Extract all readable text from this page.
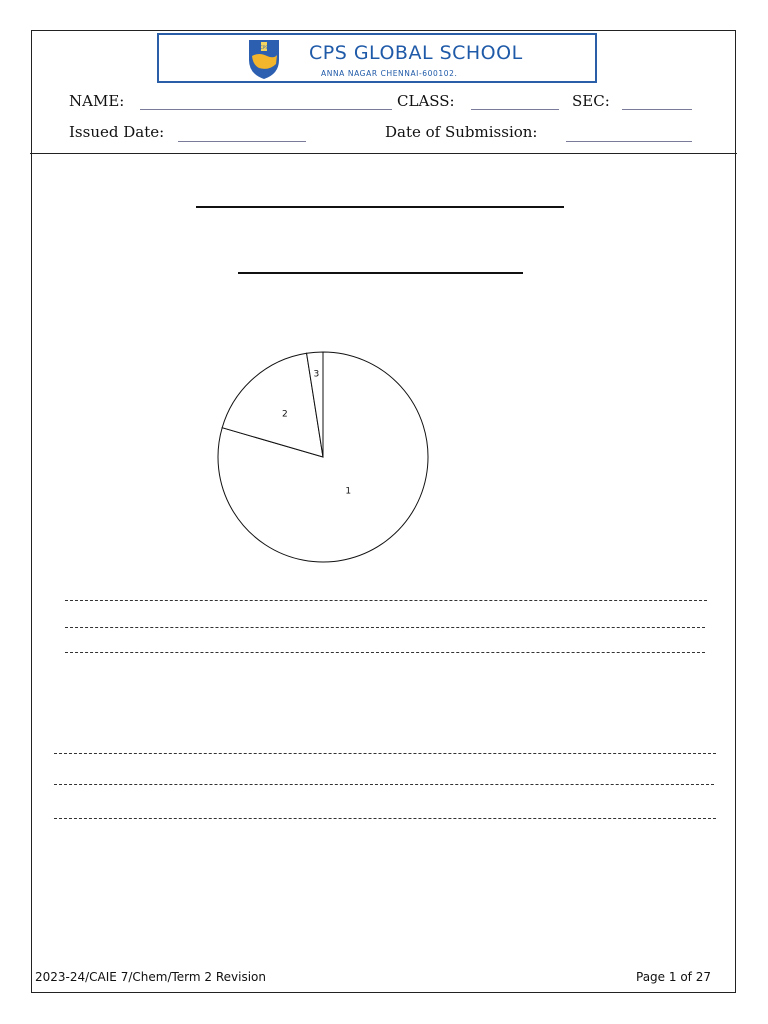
CPS CPS GLOBAL SCHOOL
ANNA NAGAR CHENNAI-600102.
NAME:	CLASS:	SEC:
Issued Date:	Date of Submission:
1
2
3
2023-24/CAIE 7/Chem/Term 2 Revision	Page 1 of 27
